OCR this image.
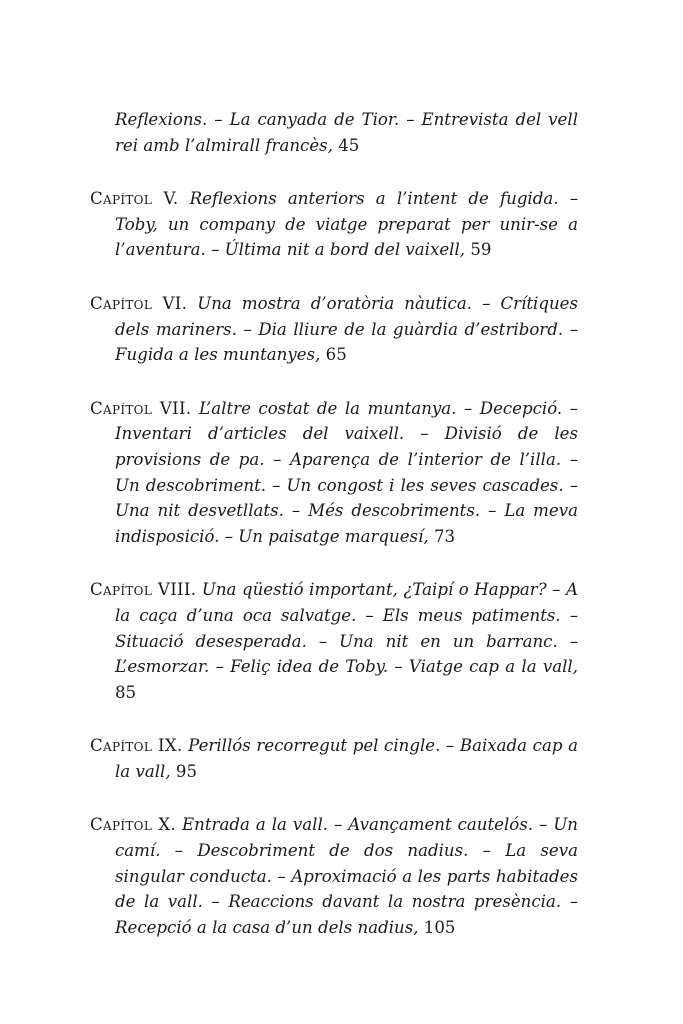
Reflexions. – La canyada de Tior. – Entrevista del vell rei amb l’almirall francès, 45

Capítol V. Reflexions anteriors a l’intent de fugida. – Toby, un company de viatge preparat per unir-se a l’aventura. – Última nit a bord del vaixell, 59

Capítol VI. Una mostra d’oratòria nàutica. – Crítiques dels mariners. – Dia lliure de la guàrdia d’estribord. – Fugida a les muntanyes, 65

Capítol VII. L’altre costat de la muntanya. – Decepció. – Inventari d’articles del vaixell. – Divisió de les provisions de pa. – Aparença de l’interior de l’illa. – Un descobriment. – Un congost i les seves cascades. – Una nit desvetllats. – Més descobriments. – La meva indisposició. – Un paisatge marquesí, 73

Capítol VIII. Una qüestió important, ¿Taipí o Happar? – A la caça d’una oca salvatge. – Els meus patiments. – Situació desesperada. – Una nit en un barranc. – L’esmorzar. – Feliç idea de Toby. – Viatge cap a la vall, 85

Capítol IX. Perillós recorregut pel cingle. – Baixada cap a la vall, 95

Capítol X. Entrada a la vall. – Avançament cautelós. – Un camí. – Descobriment de dos nadius. – La seva singular conducta. – Aproximació a les parts habitades de la vall. – Reaccions davant la nostra presència. – Recepció a la casa d’un dels nadius, 105
